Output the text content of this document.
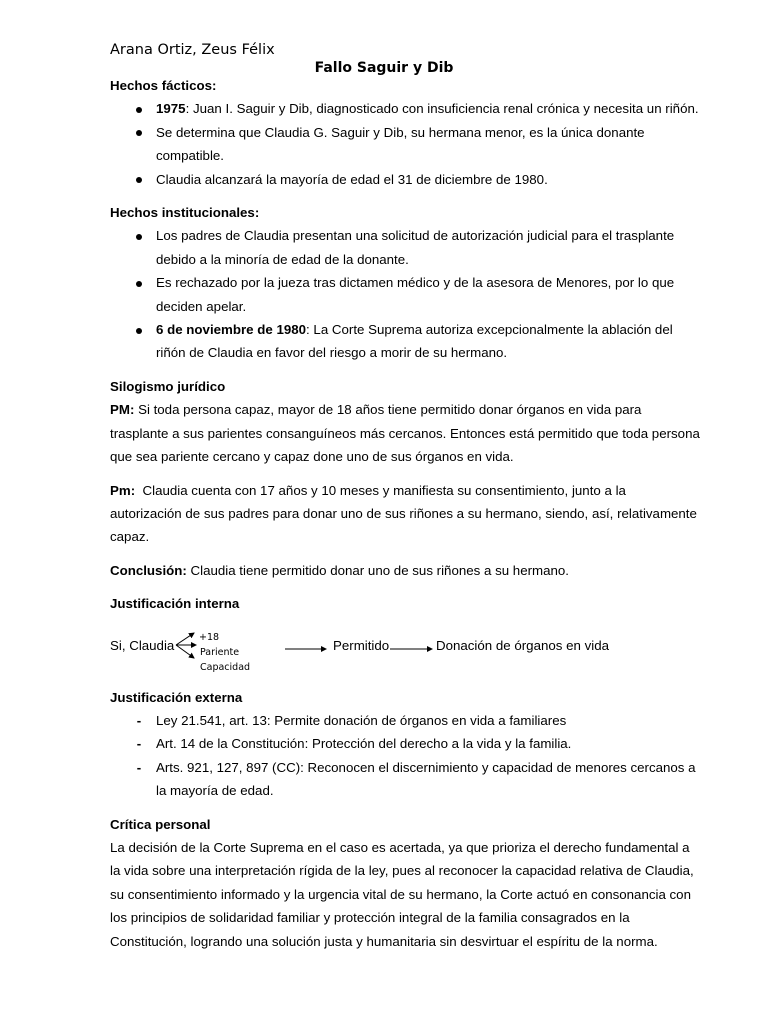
Arana Ortiz, Zeus Félix
Fallo Saguir y Dib

Hechos fácticos:

1975: Juan I. Saguir y Dib, diagnosticado con insuficiencia renal crónica y necesita un riñón.
Se determina que Claudia G. Saguir y Dib, su hermana menor, es la única donante compatible.
Claudia alcanzará la mayoría de edad el 31 de diciembre de 1980.

Hechos institucionales:

Los padres de Claudia presentan una solicitud de autorización judicial para el trasplante debido a la minoría de edad de la donante.
Es rechazado por la jueza tras dictamen médico y de la asesora de Menores, por lo que deciden apelar.
6 de noviembre de 1980: La Corte Suprema autoriza excepcionalmente la ablación del riñón de Claudia en favor del riesgo a morir de su hermano.

Silogismo jurídico

PM: Si toda persona capaz, mayor de 18 años tiene permitido donar órganos en vida para trasplante a sus parientes consanguíneos más cercanos. Entonces está permitido que toda persona que sea pariente cercano y capaz done uno de sus órganos en vida.

Pm:  Claudia cuenta con 17 años y 10 meses y manifiesta su consentimiento, junto a la autorización de sus padres para donar uno de sus riñones a su hermano, siendo, así, relativamente capaz.

Conclusión: Claudia tiene permitido donar uno de sus riñones a su hermano.

Justificación interna

Si, Claudia
+18
Pariente
Capacidad
Permitido	Donación de órganos en vida

Justificación externa

-	Ley 21.541, art. 13: Permite donación de órganos en vida a familiares
-	Art. 14 de la Constitución: Protección del derecho a la vida y la familia.
-	Arts. 921, 127, 897 (CC): Reconocen el discernimiento y capacidad de menores cercanos a la mayoría de edad.

Crítica personal

La decisión de la Corte Suprema en el caso es acertada, ya que prioriza el derecho fundamental a la vida sobre una interpretación rígida de la ley, pues al reconocer la capacidad relativa de Claudia, su consentimiento informado y la urgencia vital de su hermano, la Corte actuó en consonancia con los principios de solidaridad familiar y protección integral de la familia consagrados en la Constitución, logrando una solución justa y humanitaria sin desvirtuar el espíritu de la norma.
